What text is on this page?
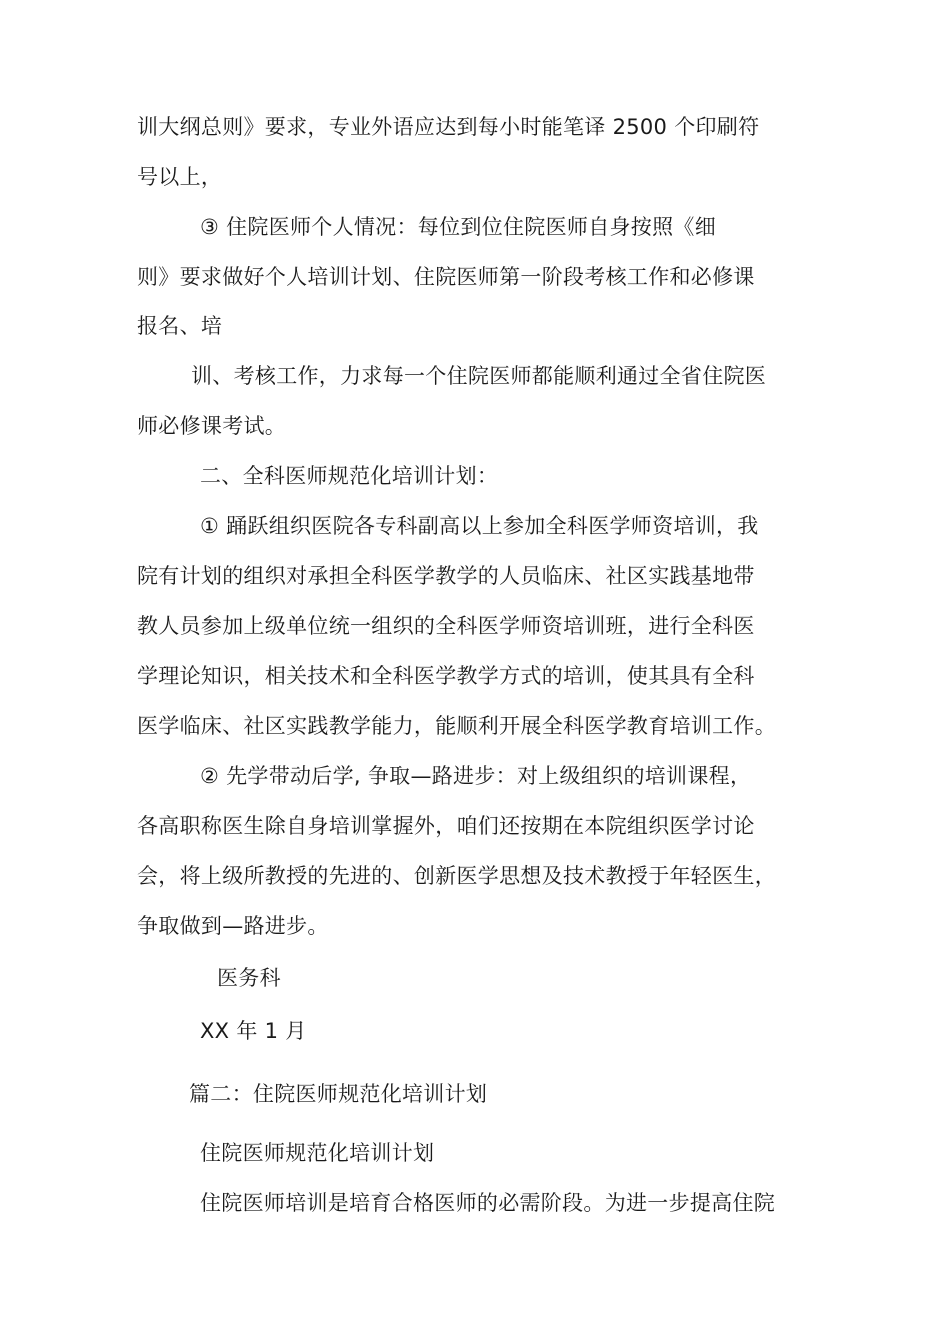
训大纲总则》要求，专业外语应达到每小时能笔译 2500 个印刷符
号以上，
③ 住院医师个人情况：每位到位住院医师自身按照《细
则》要求做好个人培训计划、住院医师第一阶段考核工作和必修课
报名、培
训、考核工作，力求每一个住院医师都能顺利通过全省住院医
师必修课考试。
二、全科医师规范化培训计划：
① 踊跃组织医院各专科副高以上参加全科医学师资培训，我
院有计划的组织对承担全科医学教学的人员临床、社区实践基地带
教人员参加上级单位统一组织的全科医学师资培训班，进行全科医
学理论知识，相关技术和全科医学教学方式的培训，使其具有全科
医学临床、社区实践教学能力，能顺利开展全科医学教育培训工作。
② 先学带动后学, 争取—路进步：对上级组织的培训课程，
各高职称医生除自身培训掌握外，咱们还按期在本院组织医学讨论
会，将上级所教授的先进的、创新医学思想及技术教授于年轻医生，
争取做到—路进步。
医务科
XX 年 1 月
篇二：住院医师规范化培训计划
住院医师规范化培训计划
住院医师培训是培育合格医师的必需阶段。为进一步提高住院
